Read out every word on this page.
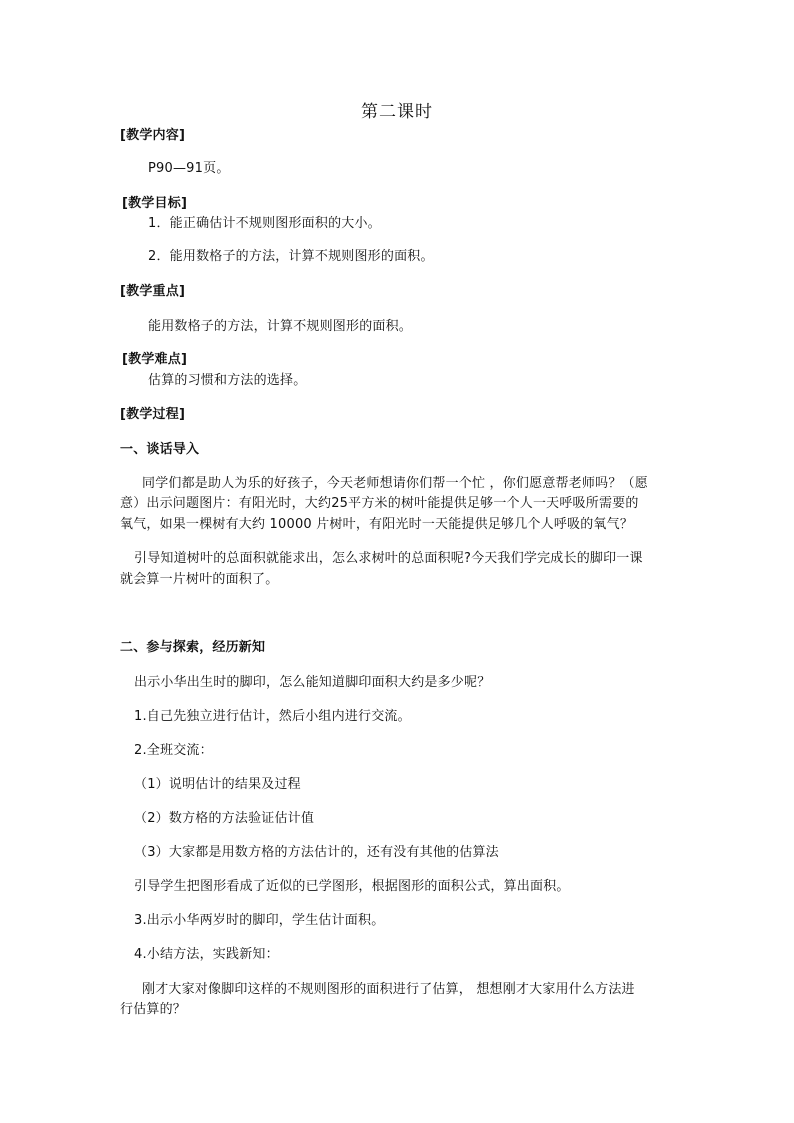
第二课时
[教学内容]
P90—91页。
[教学目标]
1．能正确估计不规则图形面积的大小。
2．能用数格子的方法，计算不规则图形的面积。
[教学重点]
能用数格子的方法，计算不规则图形的面积。
[教学难点]
估算的习惯和方法的选择。
[教学过程]
一、谈话导入
同学们都是助人为乐的好孩子，今天老师想请你们帮一个忙 ，你们愿意帮老师吗？（愿
意）出示问题图片：有阳光时，大约25平方米的树叶能提供足够一个人一天呼吸所需要的
氧气，如果一棵树有大约 10000 片树叶，有阳光时一天能提供足够几个人呼吸的氧气？
引导知道树叶的总面积就能求出，怎么求树叶的总面积呢?今天我们学完成长的脚印一课
就会算一片树叶的面积了。
二、参与探索，经历新知
出示小华出生时的脚印，怎么能知道脚印面积大约是多少呢？
1.自己先独立进行估计，然后小组内进行交流。
2.全班交流：
（1）说明估计的结果及过程
（2）数方格的方法验证估计值
（3）大家都是用数方格的方法估计的，还有没有其他的估算法
引导学生把图形看成了近似的已学图形，根据图形的面积公式，算出面积。
3.出示小华两岁时的脚印，学生估计面积。
4.小结方法，实践新知：
刚才大家对像脚印这样的不规则图形的面积进行了估算， 想想刚才大家用什么方法进
行估算的？
